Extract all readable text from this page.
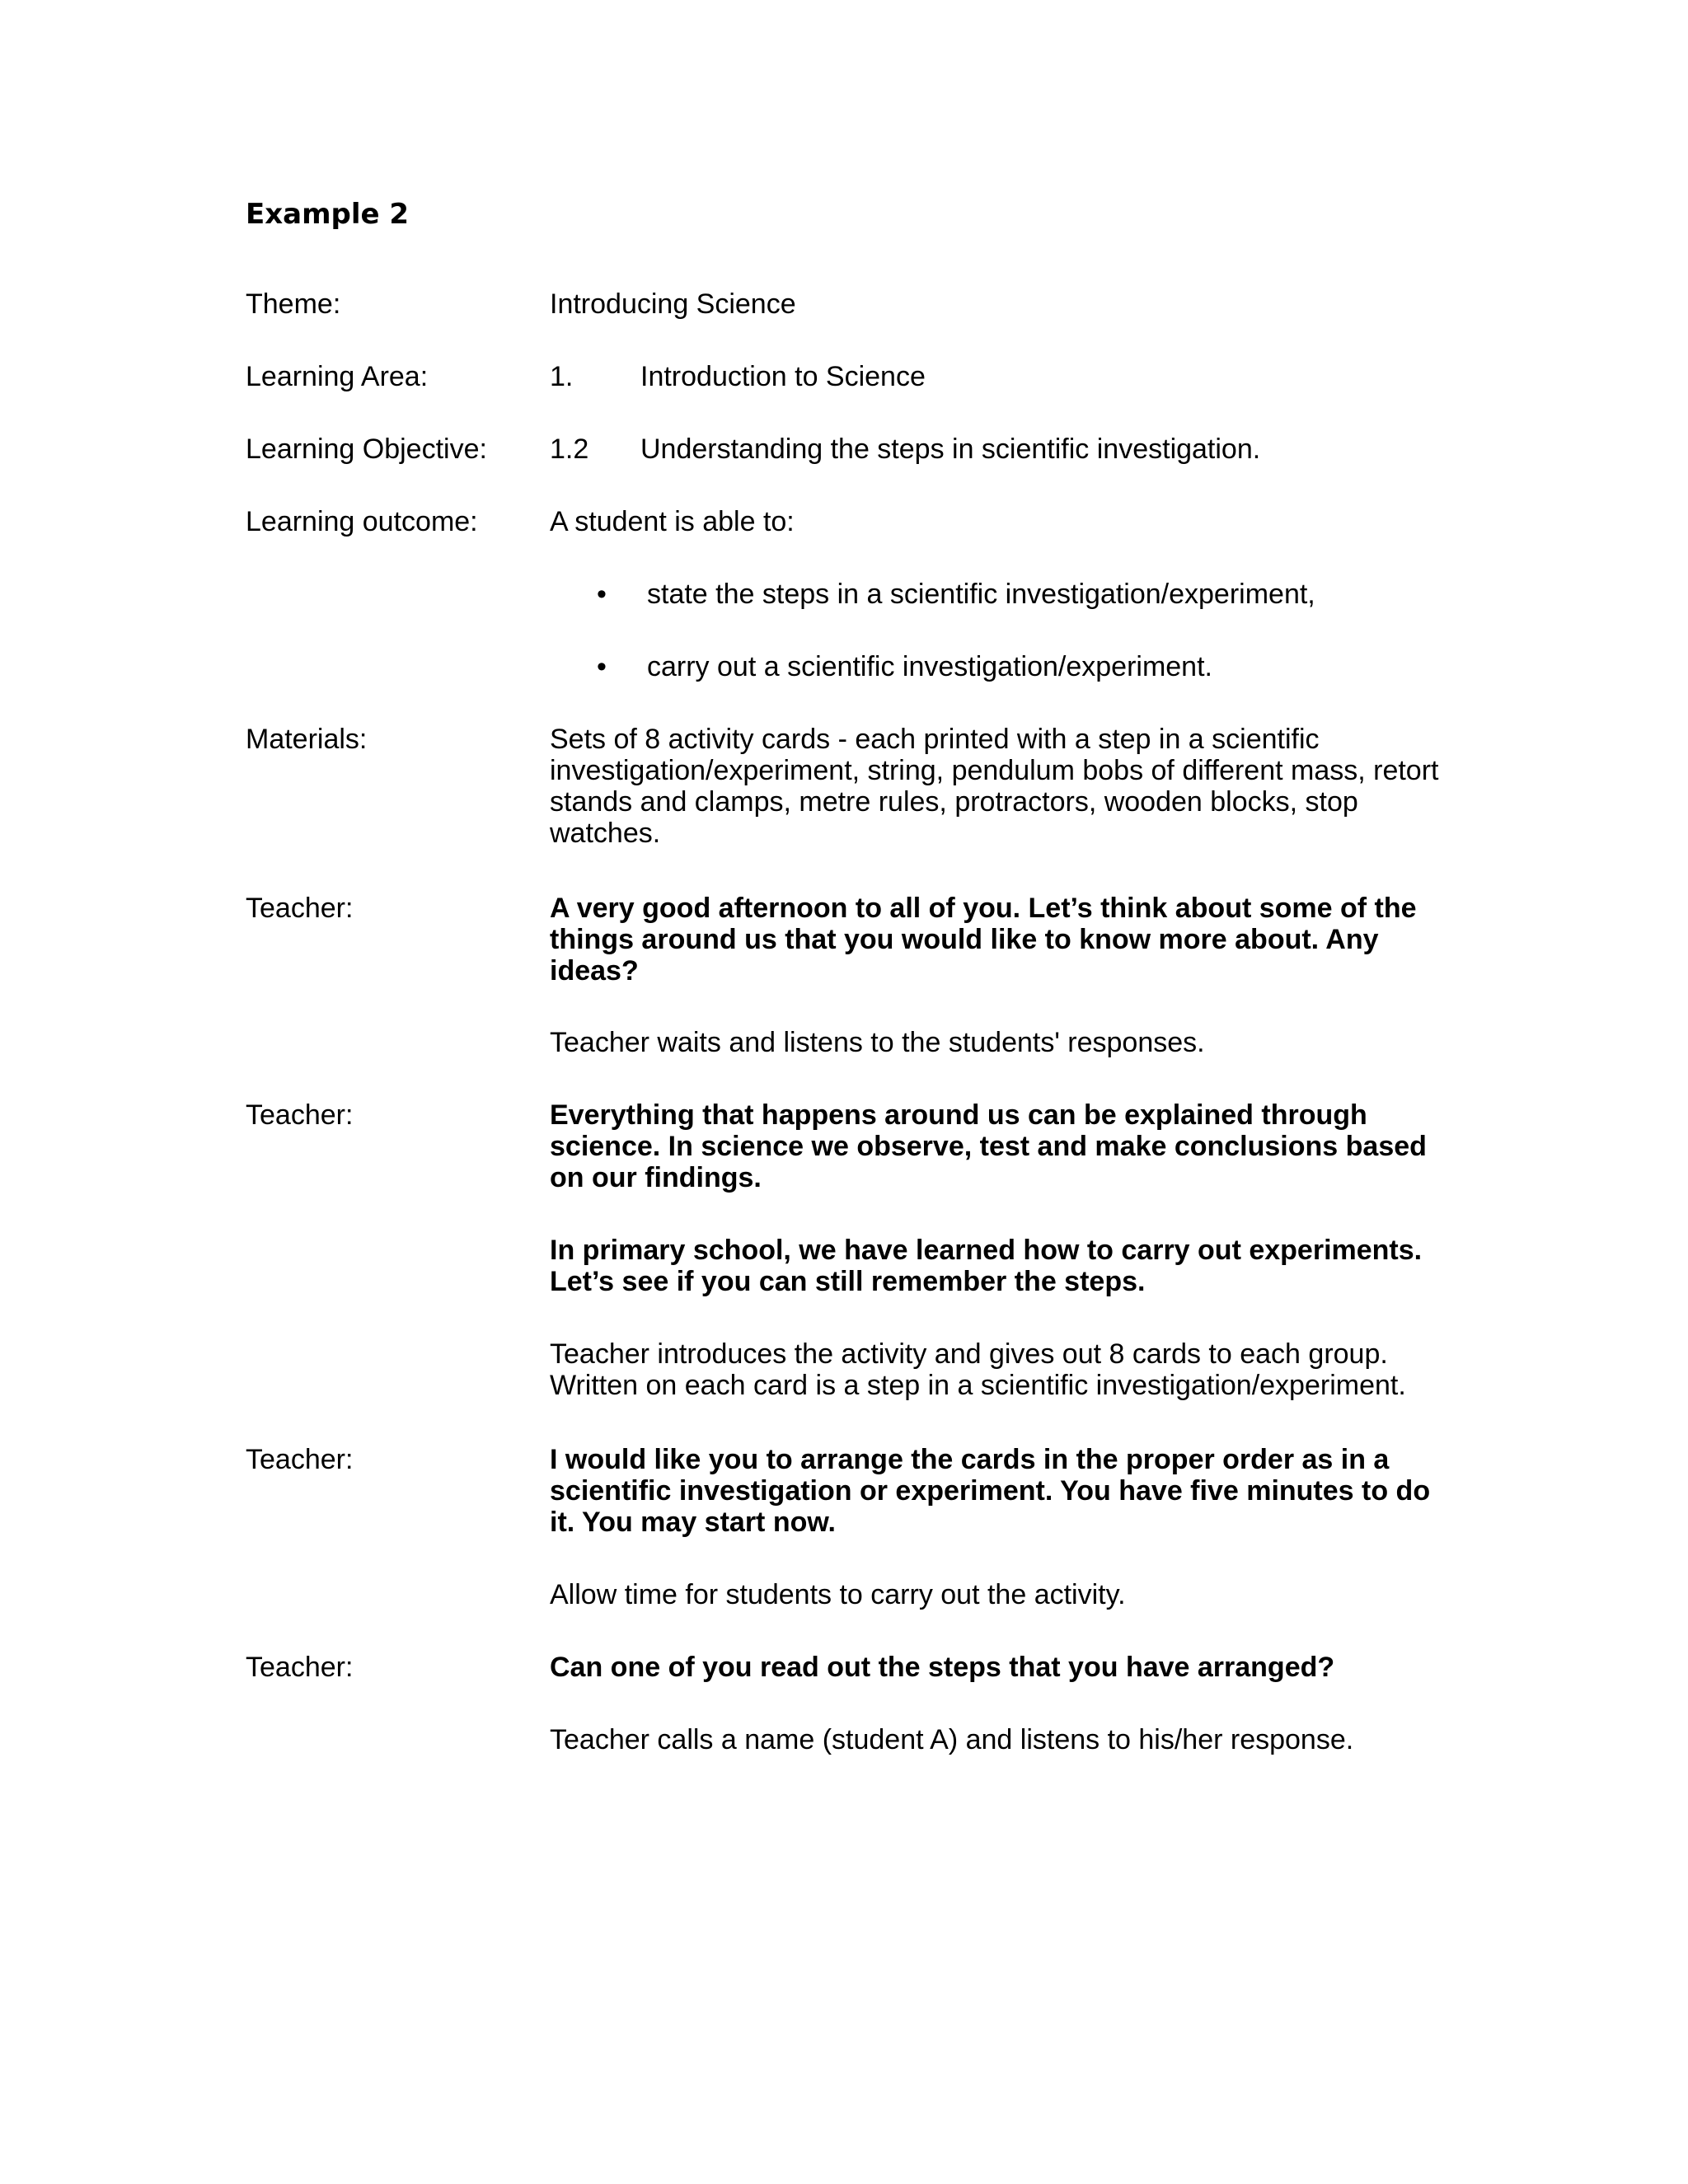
Example 2
Theme:	Introducing Science
Learning Area:	1. Introduction to Science
Learning Objective: 1.2 Understanding the steps in scientific investigation.
Learning outcome:	A student is able to:
• state the steps in a scientific investigation/experiment,
• carry out a scientific investigation/experiment.
Materials:	Sets of 8 activity cards - each printed with a step in a scientific investigation/experiment, string, pendulum bobs of different mass, retort stands and clamps, metre rules, protractors, wooden blocks, stop watches.
Teacher:	A very good afternoon to all of you. Let’s think about some of the things around us that you would like to know more about. Any ideas?
Teacher waits and listens to the students' responses.
Teacher:	Everything that happens around us can be explained through science. In science we observe, test and make conclusions based on our findings.
In primary school, we have learned how to carry out experiments. Let’s see if you can still remember the steps.
Teacher introduces the activity and gives out 8 cards to each group. Written on each card is a step in a scientific investigation/experiment.
Teacher:	I would like you to arrange the cards in the proper order as in a scientific investigation or experiment. You have five minutes to do it. You may start now.
Allow time for students to carry out the activity.
Teacher:	Can one of you read out the steps that you have arranged?
Teacher calls a name (student A) and listens to his/her response.
